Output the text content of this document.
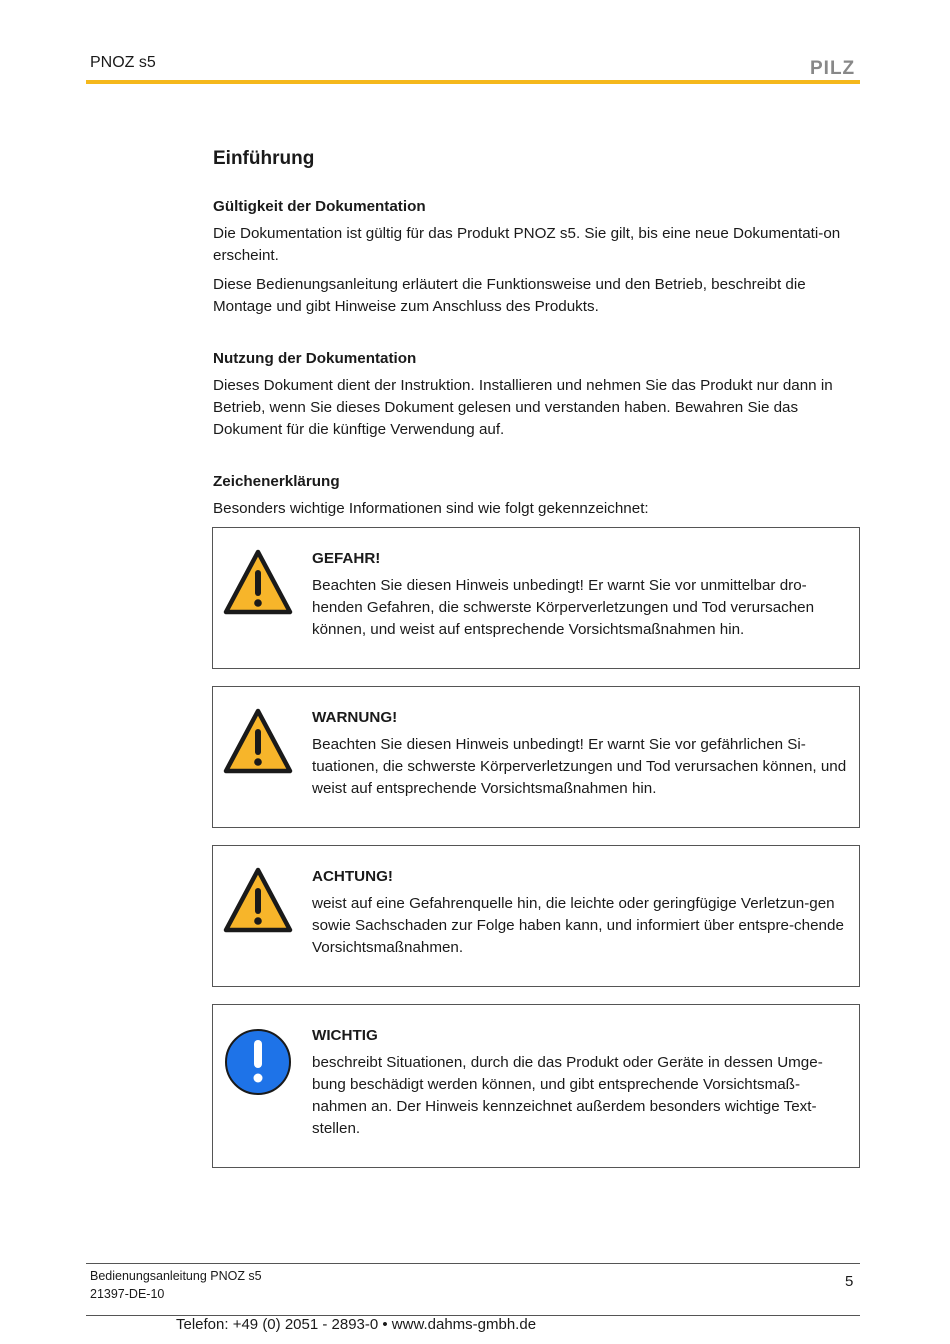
PNOZ s5	PILZ
Einführung
Gültigkeit der Dokumentation

Die Dokumentation ist gültig für das Produkt PNOZ s5. Sie gilt, bis eine neue Dokumentati-on erscheint.

Diese Bedienungsanleitung erläutert die Funktionsweise und den Betrieb, beschreibt die Montage und gibt Hinweise zum Anschluss des Produkts.

Nutzung der Dokumentation

Dieses Dokument dient der Instruktion. Installieren und nehmen Sie das Produkt nur dann in Betrieb, wenn Sie dieses Dokument gelesen und verstanden haben. Bewahren Sie das Dokument für die künftige Verwendung auf.

Zeichenerklärung

Besonders wichtige Informationen sind wie folgt gekennzeichnet:

GEFAHR!
Beachten Sie diesen Hinweis unbedingt! Er warnt Sie vor unmittelbar dro-henden Gefahren, die schwerste Körperverletzungen und Tod verursachen können, und weist auf entsprechende Vorsichtsmaßnahmen hin.
WARNUNG!
Beachten Sie diesen Hinweis unbedingt! Er warnt Sie vor gefährlichen Si-tuationen, die schwerste Körperverletzungen und Tod verursachen können, und weist auf entsprechende Vorsichtsmaßnahmen hin.
ACHTUNG!
weist auf eine Gefahrenquelle hin, die leichte oder geringfügige Verletzun-gen sowie Sachschaden zur Folge haben kann, und informiert über entspre-chende Vorsichtsmaßnahmen.
WICHTIG
beschreibt Situationen, durch die das Produkt oder Geräte in dessen Umge-bung beschädigt werden können, und gibt entsprechende Vorsichtsmaß-nahmen an. Der Hinweis kennzeichnet außerdem besonders wichtige Text-stellen.
Bedienungsanleitung PNOZ s5
21397-DE-10
5
Telefon: +49 (0) 2051 - 2893-0 • www.dahms-gmbh.de
